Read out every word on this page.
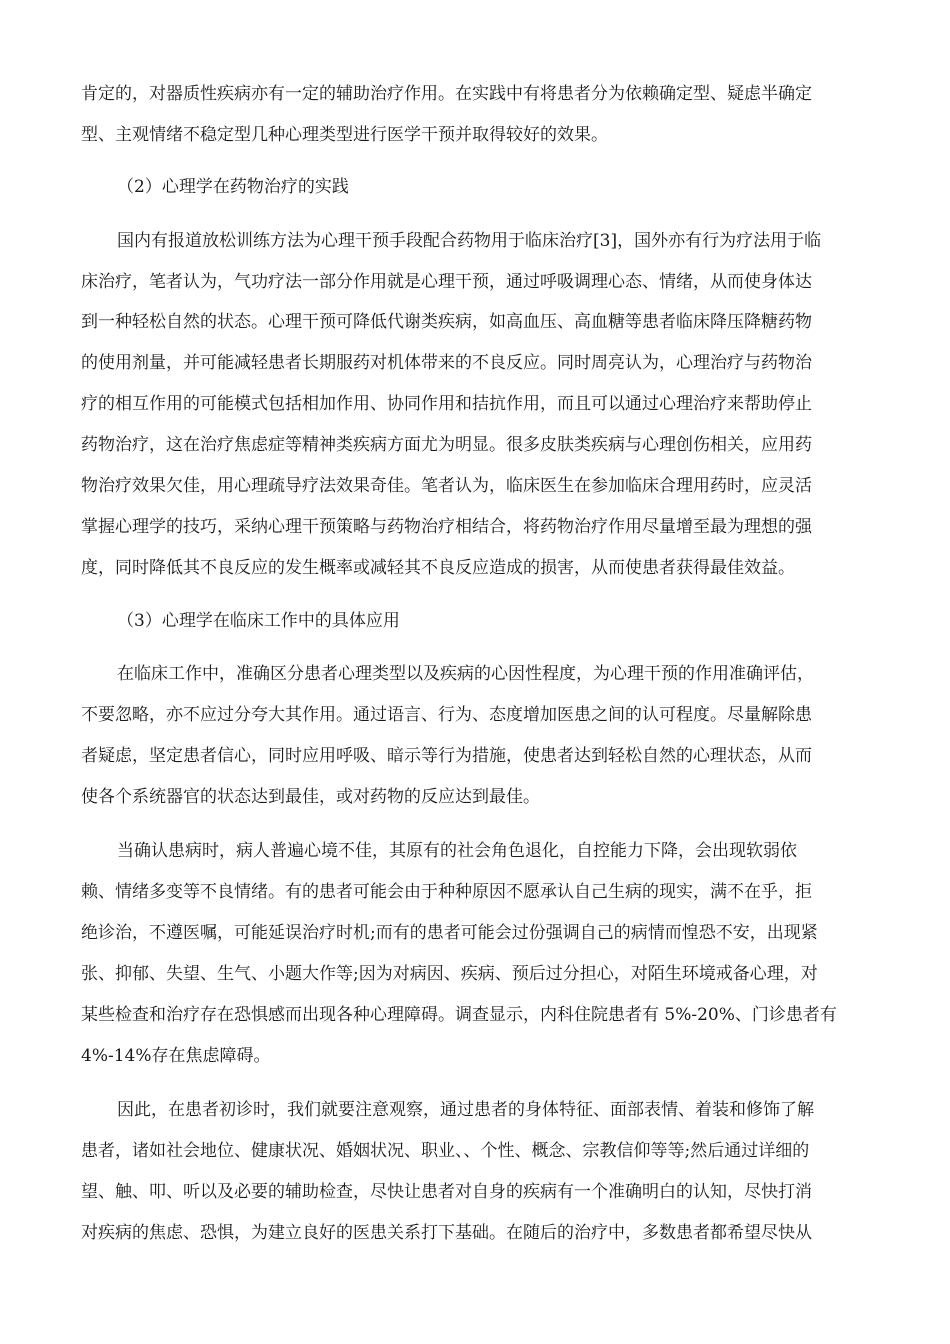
肯定的，对器质性疾病亦有一定的辅助治疗作用。在实践中有将患者分为依赖确定型、疑虑半确定
型、主观情绪不稳定型几种心理类型进行医学干预并取得较好的效果。
（2）心理学在药物治疗的实践
国内有报道放松训练方法为心理干预手段配合药物用于临床治疗[3]，国外亦有行为疗法用于临
床治疗，笔者认为，气功疗法一部分作用就是心理干预，通过呼吸调理心态、情绪，从而使身体达
到一种轻松自然的状态。心理干预可降低代谢类疾病，如高血压、高血糖等患者临床降压降糖药物
的使用剂量，并可能减轻患者长期服药对机体带来的不良反应。同时周亮认为，心理治疗与药物治
疗的相互作用的可能模式包括相加作用、协同作用和拮抗作用，而且可以通过心理治疗来帮助停止
药物治疗，这在治疗焦虑症等精神类疾病方面尤为明显。很多皮肤类疾病与心理创伤相关，应用药
物治疗效果欠佳，用心理疏导疗法效果奇佳。笔者认为，临床医生在参加临床合理用药时，应灵活
掌握心理学的技巧，采纳心理干预策略与药物治疗相结合，将药物治疗作用尽量增至最为理想的强
度，同时降低其不良反应的发生概率或减轻其不良反应造成的损害，从而使患者获得最佳效益。
（3）心理学在临床工作中的具体应用
在临床工作中，准确区分患者心理类型以及疾病的心因性程度，为心理干预的作用准确评估，
不要忽略，亦不应过分夸大其作用。通过语言、行为、态度增加医患之间的认可程度。尽量解除患
者疑虑，坚定患者信心，同时应用呼吸、暗示等行为措施，使患者达到轻松自然的心理状态，从而
使各个系统器官的状态达到最佳，或对药物的反应达到最佳。
当确认患病时，病人普遍心境不佳，其原有的社会角色退化，自控能力下降，会出现软弱依
赖、情绪多变等不良情绪。有的患者可能会由于种种原因不愿承认自己生病的现实，满不在乎，拒
绝诊治，不遵医嘱，可能延误治疗时机;而有的患者可能会过份强调自己的病情而惶恐不安，出现紧
张、抑郁、失望、生气、小题大作等;因为对病因、疾病、预后过分担心，对陌生环境戒备心理，对
某些检查和治疗存在恐惧感而出现各种心理障碍。调查显示，内科住院患者有 5%-20%、门诊患者有
4%-14%存在焦虑障碍。
因此，在患者初诊时，我们就要注意观察，通过患者的身体特征、面部表情、着装和修饰了解
患者，诸如社会地位、健康状况、婚姻状况、职业、、个性、概念、宗教信仰等等;然后通过详细的
望、触、叩、听以及必要的辅助检查，尽快让患者对自身的疾病有一个准确明白的认知，尽快打消
对疾病的焦虑、恐惧，为建立良好的医患关系打下基础。在随后的治疗中，多数患者都希望尽快从
